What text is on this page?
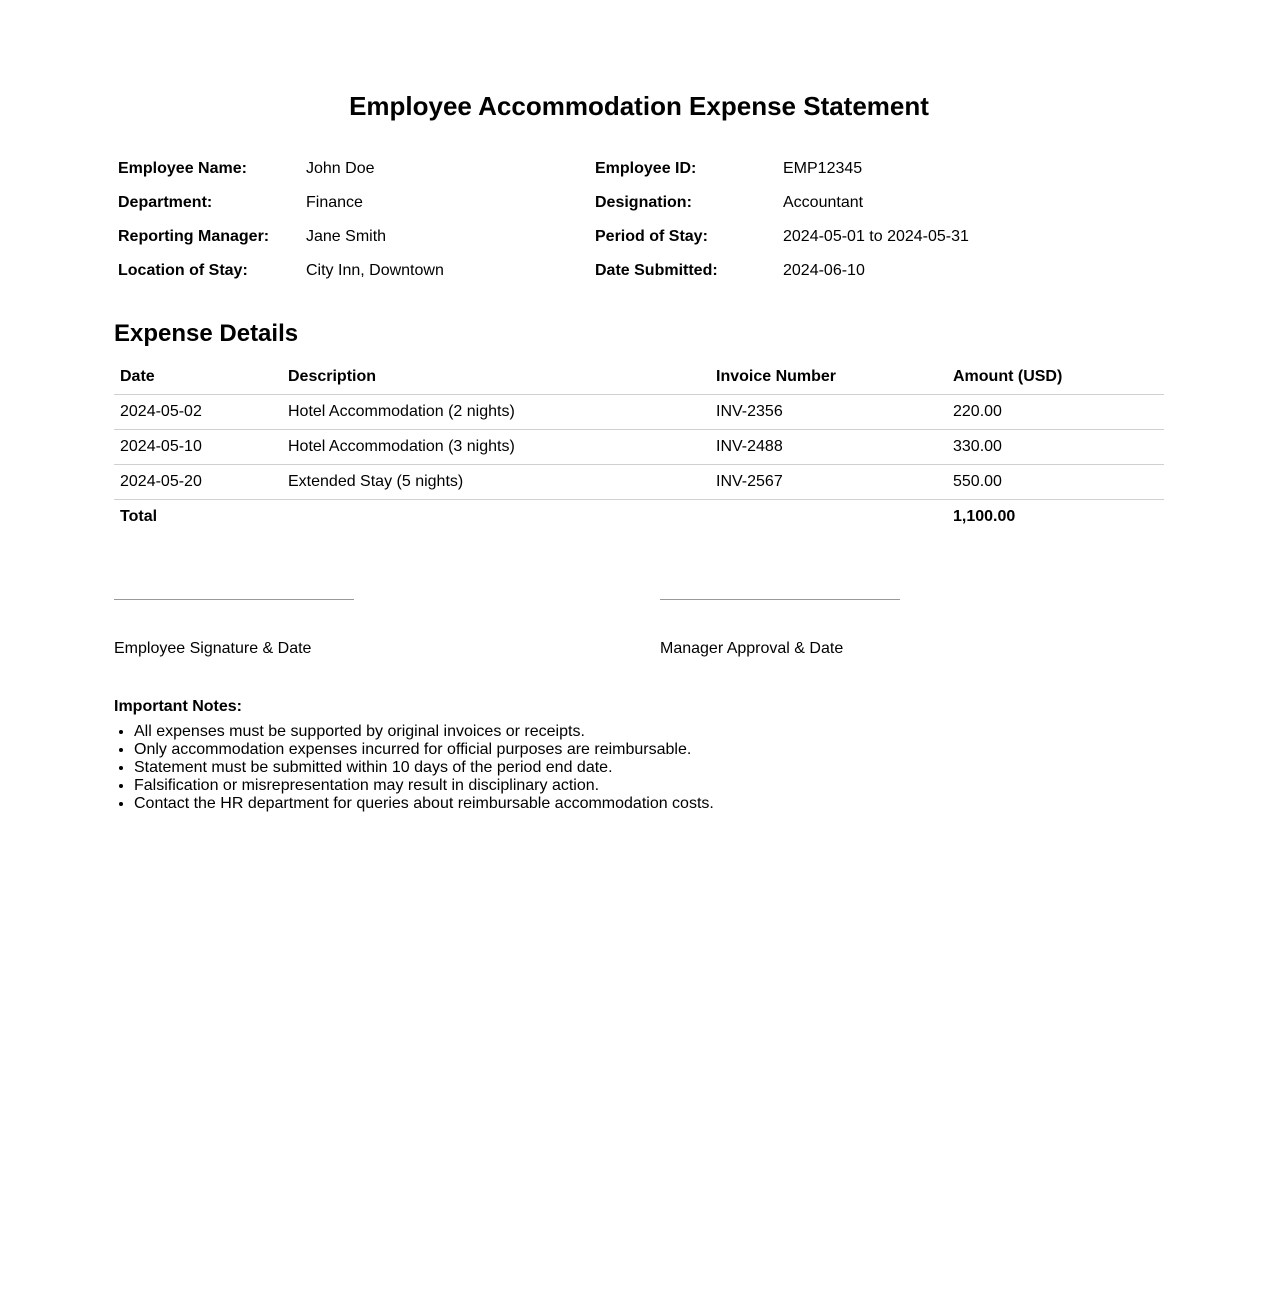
Employee Accommodation Expense Statement
Employee Name:	John Doe	Employee ID:	EMP12345
Department:	Finance	Designation:	Accountant
Reporting Manager:	Jane Smith	Period of Stay:	2024-05-01 to 2024-05-31
Location of Stay:	City Inn, Downtown	Date Submitted:	2024-06-10
Expense Details
Date	Description	Invoice Number	Amount (USD)
2024-05-02	Hotel Accommodation (2 nights)	INV-2356	220.00
2024-05-10	Hotel Accommodation (3 nights)	INV-2488	330.00
2024-05-20	Extended Stay (5 nights)	INV-2567	550.00
Total			1,100.00
Employee Signature & Date	Manager Approval & Date
Important Notes:
• All expenses must be supported by original invoices or receipts.
• Only accommodation expenses incurred for official purposes are reimbursable.
• Statement must be submitted within 10 days of the period end date.
• Falsification or misrepresentation may result in disciplinary action.
• Contact the HR department for queries about reimbursable accommodation costs.
